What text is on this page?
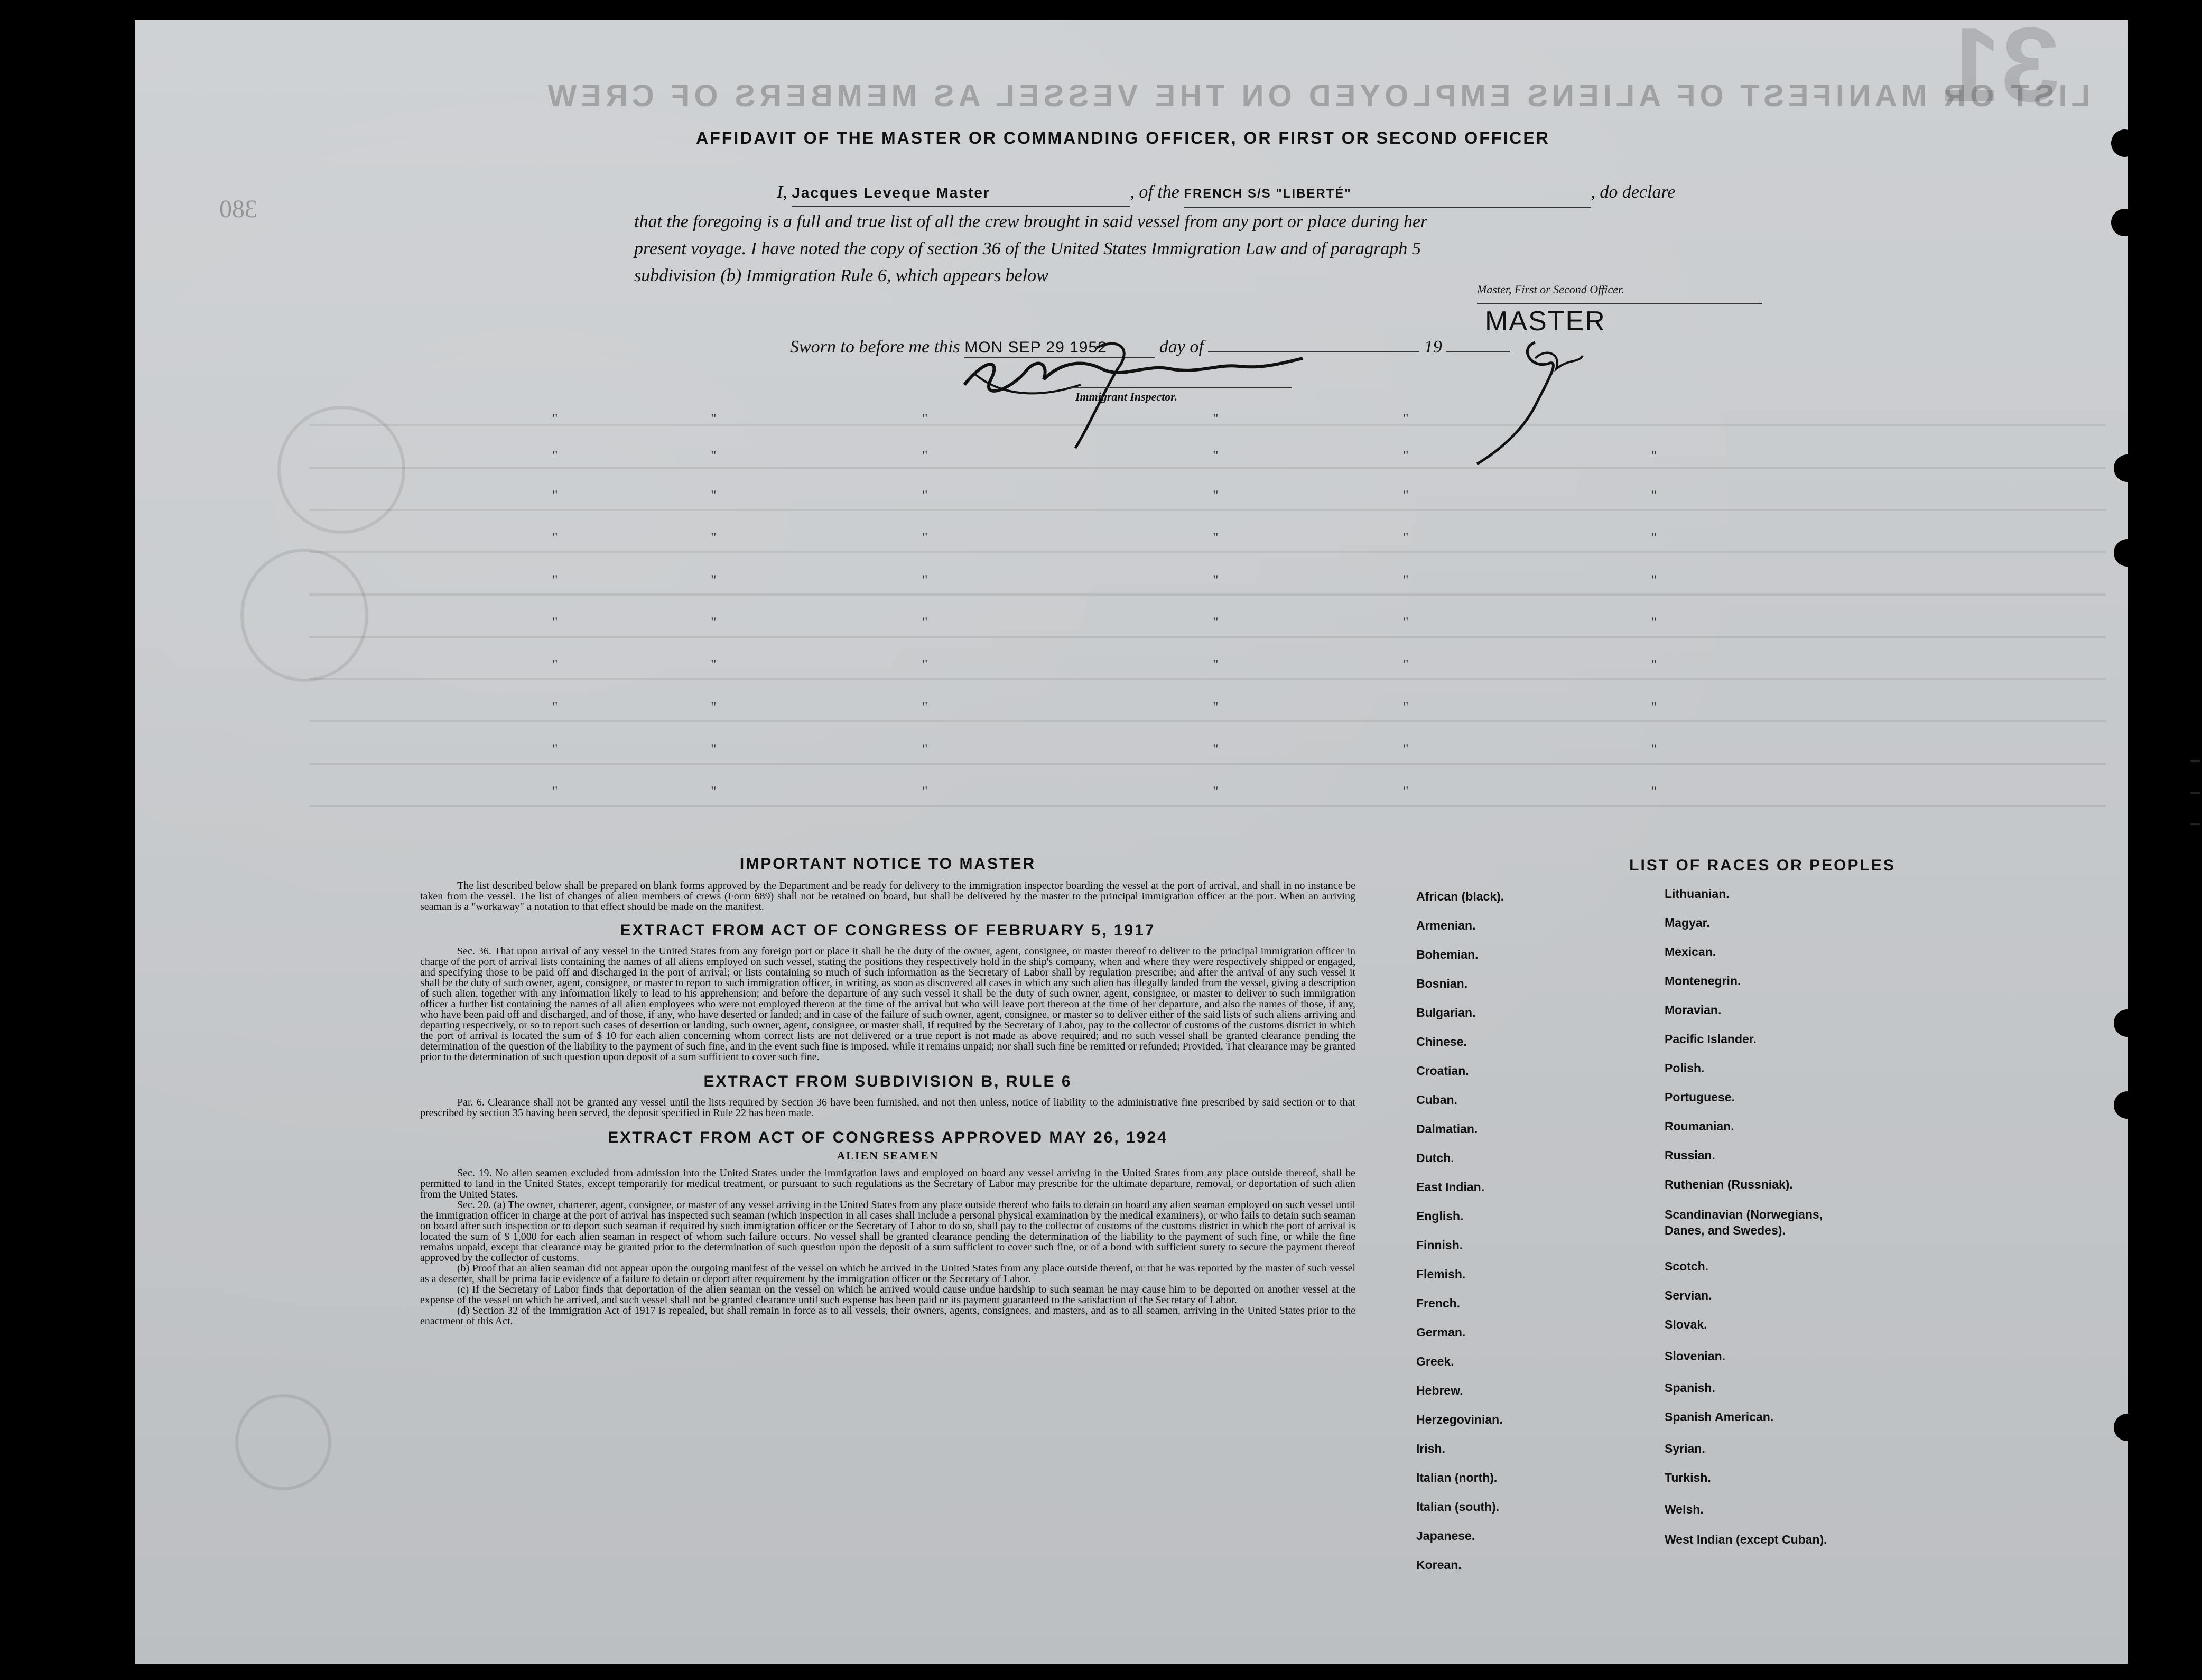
31
LIST OR MANIFEST OF ALIENS EMPLOYED ON THE VESSEL AS MEMBERS OF CREW
380
AFFIDAVIT OF THE MASTER OR COMMANDING OFFICER, OR FIRST OR SECOND OFFICER
I, Jacques Leveque Master	, of the FRENCH S/S "LIBERTÉ"	, do declare
that the foregoing is a full and true list of all the crew brought in said vessel from any port or place during her
present voyage. I have noted the copy of section 36 of the United States Immigration Law and of paragraph 5
subdivision (b) Immigration Rule 6, which appears below
Master, First or Second Officer.
MASTER
Sworn to before me this MON SEP 29 1952	day of	19
Immigrant Inspector.
"	"	"	"	"
"	"	"	"	"	"
"	"	"	"	"	"
"	"	"	"	"	"
"	"	"	"	"	"
"	"	"	"	"	"
"	"	"	"	"	"
"	"	"	"	"	"
"	"	"	"	"	"
"	"	"	"	"	"
IMPORTANT NOTICE TO MASTER

The list described below shall be prepared on blank forms approved by the Department and be ready for delivery to the immigration inspector boarding the vessel at the port of arrival, and shall in no instance be taken from the vessel. The list of changes of alien members of crews (Form 689) shall not be retained on board, but shall be delivered by the master to the principal immigration officer at the port. When an arriving seaman is a "workaway" a notation to that effect should be made on the manifest.

EXTRACT FROM ACT OF CONGRESS OF FEBRUARY 5, 1917

Sec. 36. That upon arrival of any vessel in the United States from any foreign port or place it shall be the duty of the owner, agent, consignee, or master thereof to deliver to the principal immigration officer in charge of the port of arrival lists containing the names of all aliens employed on such vessel, stating the positions they respectively hold in the ship's company, when and where they were respectively shipped or engaged, and specifying those to be paid off and discharged in the port of arrival; or lists containing so much of such information as the Secretary of Labor shall by regulation prescribe; and after the arrival of any such vessel it shall be the duty of such owner, agent, consignee, or master to report to such immigration officer, in writing, as soon as discovered all cases in which any such alien has illegally landed from the vessel, giving a description of such alien, together with any information likely to lead to his apprehension; and before the departure of any such vessel it shall be the duty of such owner, agent, consignee, or master to deliver to such immigration officer a further list containing the names of all alien employees who were not employed thereon at the time of the arrival but who will leave port thereon at the time of her departure, and also the names of those, if any, who have been paid off and discharged, and of those, if any, who have deserted or landed; and in case of the failure of such owner, agent, consignee, or master so to deliver either of the said lists of such aliens arriving and departing respectively, or so to report such cases of desertion or landing, such owner, agent, consignee, or master shall, if required by the Secretary of Labor, pay to the collector of customs of the customs district in which the port of arrival is located the sum of $ 10 for each alien concerning whom correct lists are not delivered or a true report is not made as above required; and no such vessel shall be granted clearance pending the determination of the question of the liability to the payment of such fine, and in the event such fine is imposed, while it remains unpaid; nor shall such fine be remitted or refunded; Provided, That clearance may be granted prior to the determination of such question upon deposit of a sum sufficient to cover such fine.

EXTRACT FROM SUBDIVISION B, RULE 6

Par. 6. Clearance shall not be granted any vessel until the lists required by Section 36 have been furnished, and not then unless, notice of liability to the administrative fine prescribed by said section or to that prescribed by section 35 having been served, the deposit specified in Rule 22 has been made.

EXTRACT FROM ACT OF CONGRESS APPROVED MAY 26, 1924
ALIEN SEAMEN

Sec. 19. No alien seamen excluded from admission into the United States under the immigration laws and employed on board any vessel arriving in the United States from any place outside thereof, shall be permitted to land in the United States, except temporarily for medical treatment, or pursuant to such regulations as the Secretary of Labor may prescribe for the ultimate departure, removal, or deportation of such alien from the United States.

Sec. 20. (a) The owner, charterer, agent, consignee, or master of any vessel arriving in the United States from any place outside thereof who fails to detain on board any alien seaman employed on such vessel until the immigration officer in charge at the port of arrival has inspected such seaman (which inspection in all cases shall include a personal physical examination by the medical examiners), or who fails to detain such seaman on board after such inspection or to deport such seaman if required by such immigration officer or the Secretary of Labor to do so, shall pay to the collector of customs of the customs district in which the port of arrival is located the sum of $ 1,000 for each alien seaman in respect of whom such failure occurs. No vessel shall be granted clearance pending the determination of the liability to the payment of such fine, or while the fine remains unpaid, except that clearance may be granted prior to the determination of such question upon the deposit of a sum sufficient to cover such fine, or of a bond with sufficient surety to secure the payment thereof approved by the collector of customs.

(b) Proof that an alien seaman did not appear upon the outgoing manifest of the vessel on which he arrived in the United States from any place outside thereof, or that he was reported by the master of such vessel as a deserter, shall be prima facie evidence of a failure to detain or deport after requirement by the immigration officer or the Secretary of Labor.

(c) If the Secretary of Labor finds that deportation of the alien seaman on the vessel on which he arrived would cause undue hardship to such seaman he may cause him to be deported on another vessel at the expense of the vessel on which he arrived, and such vessel shall not be granted clearance until such expense has been paid or its payment guaranteed to the satisfaction of the Secretary of Labor.

(d) Section 32 of the Immigration Act of 1917 is repealed, but shall remain in force as to all vessels, their owners, agents, consignees, and masters, and as to all seamen, arriving in the United States prior to the enactment of this Act.

LIST OF RACES OR PEOPLES
African (black).
Armenian.
Bohemian.
Bosnian.
Bulgarian.
Chinese.
Croatian.
Cuban.
Dalmatian.
Dutch.
East Indian.
English.
Finnish.
Flemish.
French.
German.
Greek.
Hebrew.
Herzegovinian.
Irish.
Italian (north).
Italian (south).
Japanese.
Korean.
Lithuanian.
Magyar.
Mexican.
Montenegrin.
Moravian.
Pacific Islander.
Polish.
Portuguese.
Roumanian.
Russian.
Ruthenian (Russniak).
Scandinavian (Norwegians, Danes, and Swedes).
Scotch.
Servian.
Slovak.
Slovenian.
Spanish.
Spanish American.
Syrian.
Turkish.
Welsh.
West Indian (except Cuban).
